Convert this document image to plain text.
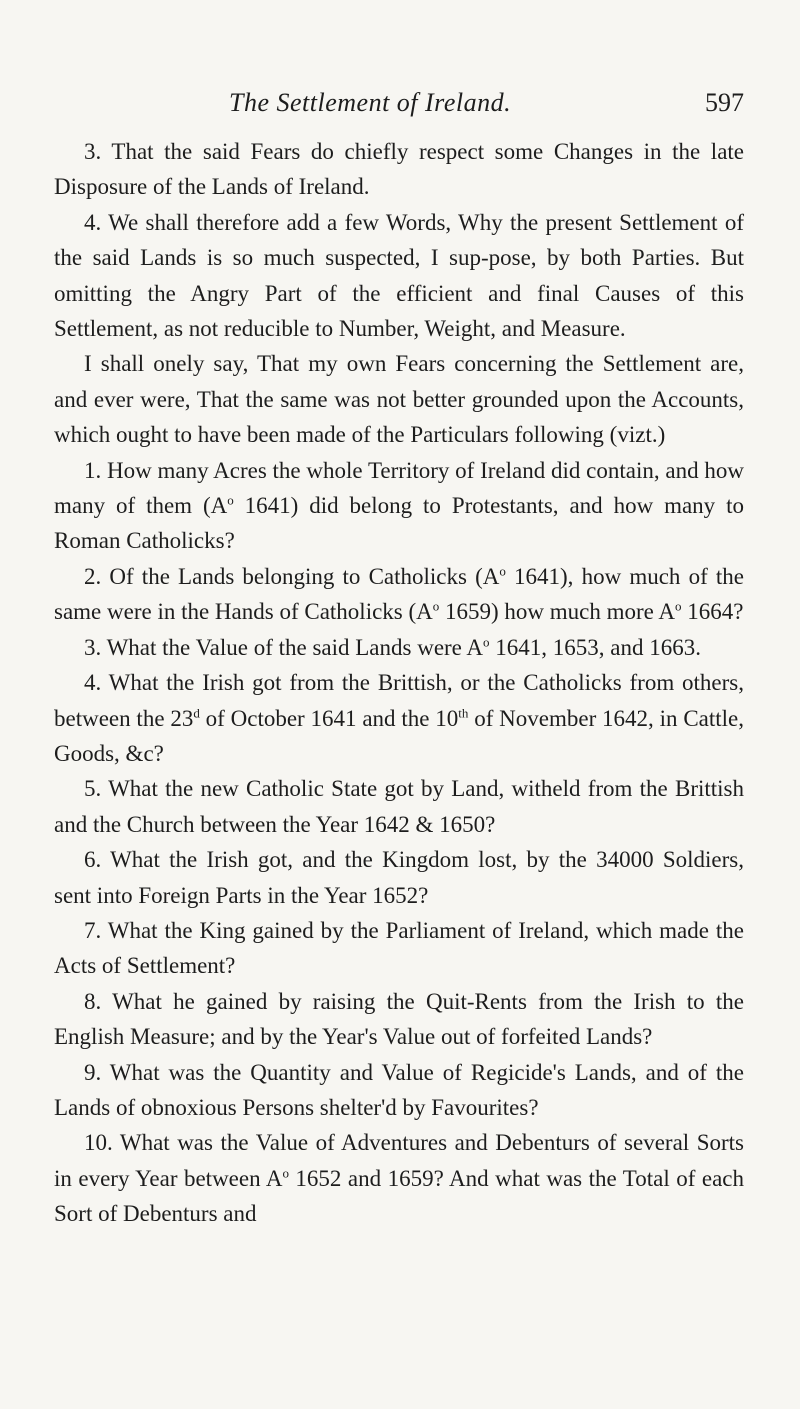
The Settlement of Ireland.	597

3. That the said Fears do chiefly respect some Changes in the late Disposure of the Lands of Ireland.

4. We shall therefore add a few Words, Why the present Settlement of the said Lands is so much suspected, I sup-pose, by both Parties. But omitting the Angry Part of the efficient and final Causes of this Settlement, as not reducible to Number, Weight, and Measure.

I shall onely say, That my own Fears concerning the Settlement are, and ever were, That the same was not better grounded upon the Accounts, which ought to have been made of the Particulars following (vizt.)

1. How many Acres the whole Territory of Ireland did contain, and how many of them ($A^o$ 1641) did belong to Protestants, and how many to Roman Catholicks?

2. Of the Lands belonging to Catholicks ($A^o$ 1641), how much of the same were in the Hands of Catholicks ($A^o$ 1659) how much more $A^o$ 1664?

3. What the Value of the said Lands were $A^o$ 1641, 1653, and 1663.

4. What the Irish got from the Brittish, or the Catholicks from others, between the 23$^d$ of October 1641 and the 10th of November 1642, in Cattle, Goods, &c?

5. What the new Catholic State got by Land, witheld from the Brittish and the Church between the Year 1642 & 1650?

6. What the Irish got, and the Kingdom lost, by the 34000 Soldiers, sent into Foreign Parts in the Year 1652?

7. What the King gained by the Parliament of Ireland, which made the Acts of Settlement?

8. What he gained by raising the Quit-Rents from the Irish to the English Measure; and by the Year's Value out of forfeited Lands?

9. What was the Quantity and Value of Regicide's Lands, and of the Lands of obnoxious Persons shelter'd by Favourites?

10. What was the Value of Adventures and Debenturs of several Sorts in every Year between $A^o$ 1652 and 1659? And what was the Total of each Sort of Debenturs and
